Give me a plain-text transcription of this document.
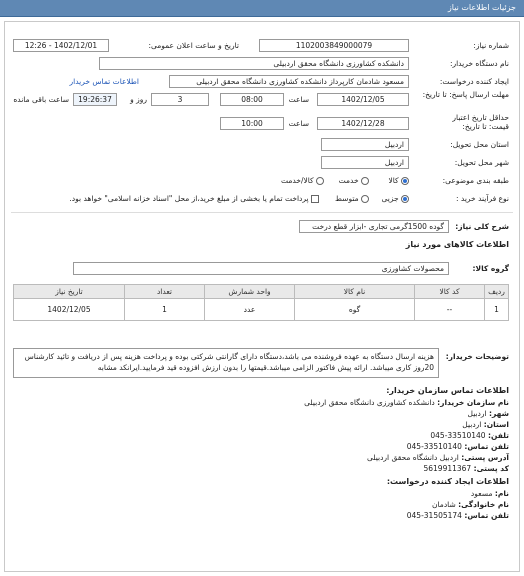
جزئیات اطلاعات نیاز
شماره نیاز:
1102003849000079
تاریخ و ساعت اعلان عمومی:
1402/12/01 - 12:26
نام دستگاه خریدار:
دانشکده کشاورزی دانشگاه محقق اردبیلی
ایجاد کننده درخواست:
مسعود شادمان کارپرداز دانشکده کشاورزی دانشگاه محقق اردبیلی
اطلاعات تماس خریدار
مهلت ارسال پاسخ: تا تاریخ:
1402/12/05
ساعت
08:00
3
روز و
19:26:37
ساعت باقی مانده
حداقل تاریخ اعتبار
قیمت: تا تاریخ:
1402/12/28
ساعت
10:00
استان محل تحویل:
اردبیل
شهر محل تحویل:
اردبیل
طبقه بندی موضوعی:
کالا
خدمت
کالا/خدمت
نوع فرآیند خرید :
جزیی
متوسط
پرداخت تمام یا بخشی از مبلغ خرید،از محل "اسناد خزانه اسلامی" خواهد بود.
شرح کلی نیاز:
گوده 1500گرمی تجاری -ابزار قطع درخت
اطلاعات کالاهای مورد نیاز
گروه کالا:
محصولات کشاورزی
ردیف	کد کالا	نام کالا	واحد شمارش	تعداد	تاریخ نیاز
1	--	گوه	عدد	1	1402/12/05
توضیحات خریدار:
هزینه ارسال دستگاه به عهده فروشنده می باشد،دستگاه دارای گارانتی شرکتی بوده و پرداخت هزینه پس از دریافت و تائید کارشناس 20روز کاری میباشد. ارائه پیش فاکتور الزامی میباشد.قیمتها را بدون ارزش افزوده قید فرمایید.ایرانکد مشابه
اطلاعات تماس سازمان خریدار:
نام سازمان خریدار: دانشکده کشاورزی دانشگاه محقق اردبیلی
شهر: اردبیل
استان: اردبیل
تلفن: 045-33510140
تلفن تماس: 045-33510140
آدرس پستی: اردبیل دانشگاه محقق اردبیلی
کد پستی: 5619911367
اطلاعات ایجاد کننده درخواست:
نام: مسعود
نام خانوادگی: شادمان
تلفن تماس: 045-31505174
